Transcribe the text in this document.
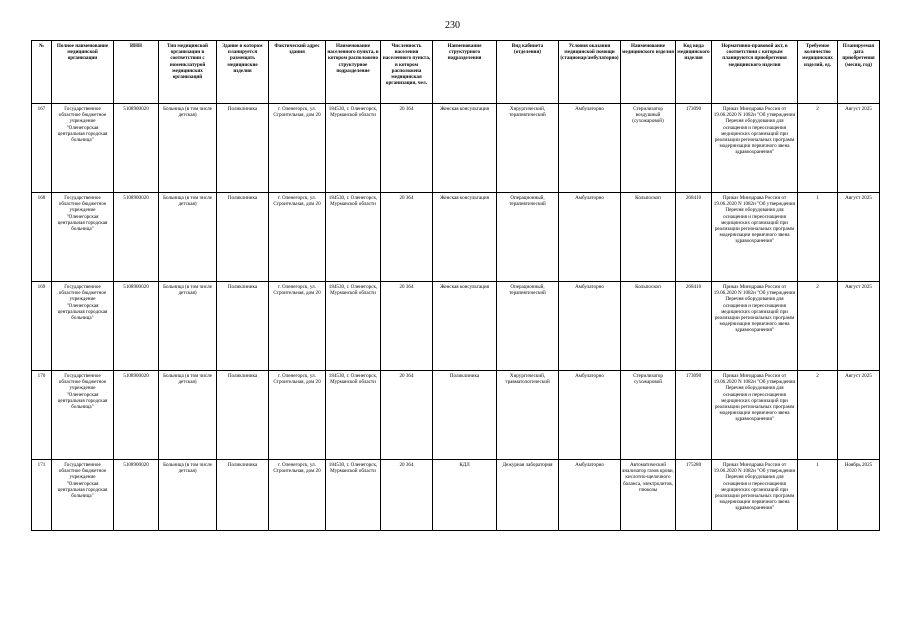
230
№	Полное наименование медицинской организации	ИНН	Тип медицинской организации в соответствии с номенклатурой медицинских организаций	Здание в котором планируется размещать медицинские изделия	Фактический адрес здания	Наименование населенного пункта, в котором расположено структурное подразделение	Численность населения населенного пункта, в котором расположена медицинская организация, чел.	Наименование структурного подразделения	Вид кабинета (отделения)	Условия оказания медицинской помощи (стационар/амбулаторно)	Наименование медицинского изделия	Код вида медицинского изделия	Нормативно-правовой акт, в соответствии с которым планируются приобретения медицинского изделия	Требуемое количество медицинских изделий, ед.	Планируемая дата приобретения (месяц, год)
167	Государственное областное бюджетное учреждение "Оленегорская центральная городская больница"	5108900020	Больница (в том числе детская)	Поликлиника	г. Оленегорск, ул. Строительная, дом 20	184530, г. Оленегорск, Мурманской области	20 364	Женская консультация	Хирургический, терапевтический	Амбулаторно	Стерилизатор воздушный (сухожаровой)	173090	Приказ Минздрава России от 19.06.2020 N 1082н "Об утверждении Перечня оборудования для оснащения и переоснащения медицинских организаций при реализации региональных программ модернизации первичного звена здравоохранения"	2	Август 2025
168	Государственное областное бюджетное учреждение "Оленегорская центральная городская больница"	5108900020	Больница (в том числе детская)	Поликлиника	г. Оленегорск, ул. Строительная, дом 20	184530, г. Оленегорск, Мурманской области	20 364	Женская консультация	Операционный, терапевтический	Амбулаторно	Кольпоскоп	268410	Приказ Минздрава России от 19.06.2020 N 1082н "Об утверждении Перечня оборудования для оснащения и переоснащения медицинских организаций при реализации региональных программ модернизации первичного звена здравоохранения"	1	Август 2025
169	Государственное областное бюджетное учреждение "Оленегорская центральная городская больница"	5108900020	Больница (в том числе детская)	Поликлиника	г. Оленегорск, ул. Строительная, дом 20	184530, г. Оленегорск, Мурманской области	20 364	Женская консультация	Операционный, терапевтический	Амбулаторно	Кольпоскоп	268410	Приказ Минздрава России от 19.06.2020 N 1082н "Об утверждении Перечня оборудования для оснащения и переоснащения медицинских организаций при реализации региональных программ модернизации первичного звена здравоохранения"	2	Август 2025
170	Государственное областное бюджетное учреждение "Оленегорская центральная городская больница"	5108900020	Больница (в том числе детская)	Поликлиника	г. Оленегорск, ул. Строительная, дом 20	184530, г. Оленегорск, Мурманской области	20 364	Поликлиника	Хирургический, травматологический	Амбулаторно	Стерилизатор сухожаровой	173090	Приказ Минздрава России от 19.06.2020 N 1082н "Об утверждении Перечня оборудования для оснащения и переоснащения медицинских организаций при реализации региональных программ модернизации первичного звена здравоохранения"	2	Август 2025
171	Государственное областное бюджетное учреждение "Оленегорская центральная городская больница"	5108900020	Больница (в том числе детская)	Поликлиника	г. Оленегорск, ул. Строительная, дом 20	184530, г. Оленегорск, Мурманской области	20 364	КДЛ	Дежурная лаборатория	Амбулаторно	Автоматический анализатор газов крови, кислотно-щелочного баланса, электролитов, глюкозы	175280	Приказ Минздрава России от 19.06.2020 N 1082н "Об утверждении Перечня оборудования для оснащения и переоснащения медицинских организаций при реализации региональных программ модернизации первичного звена здравоохранения"	1	Ноябрь 2025
